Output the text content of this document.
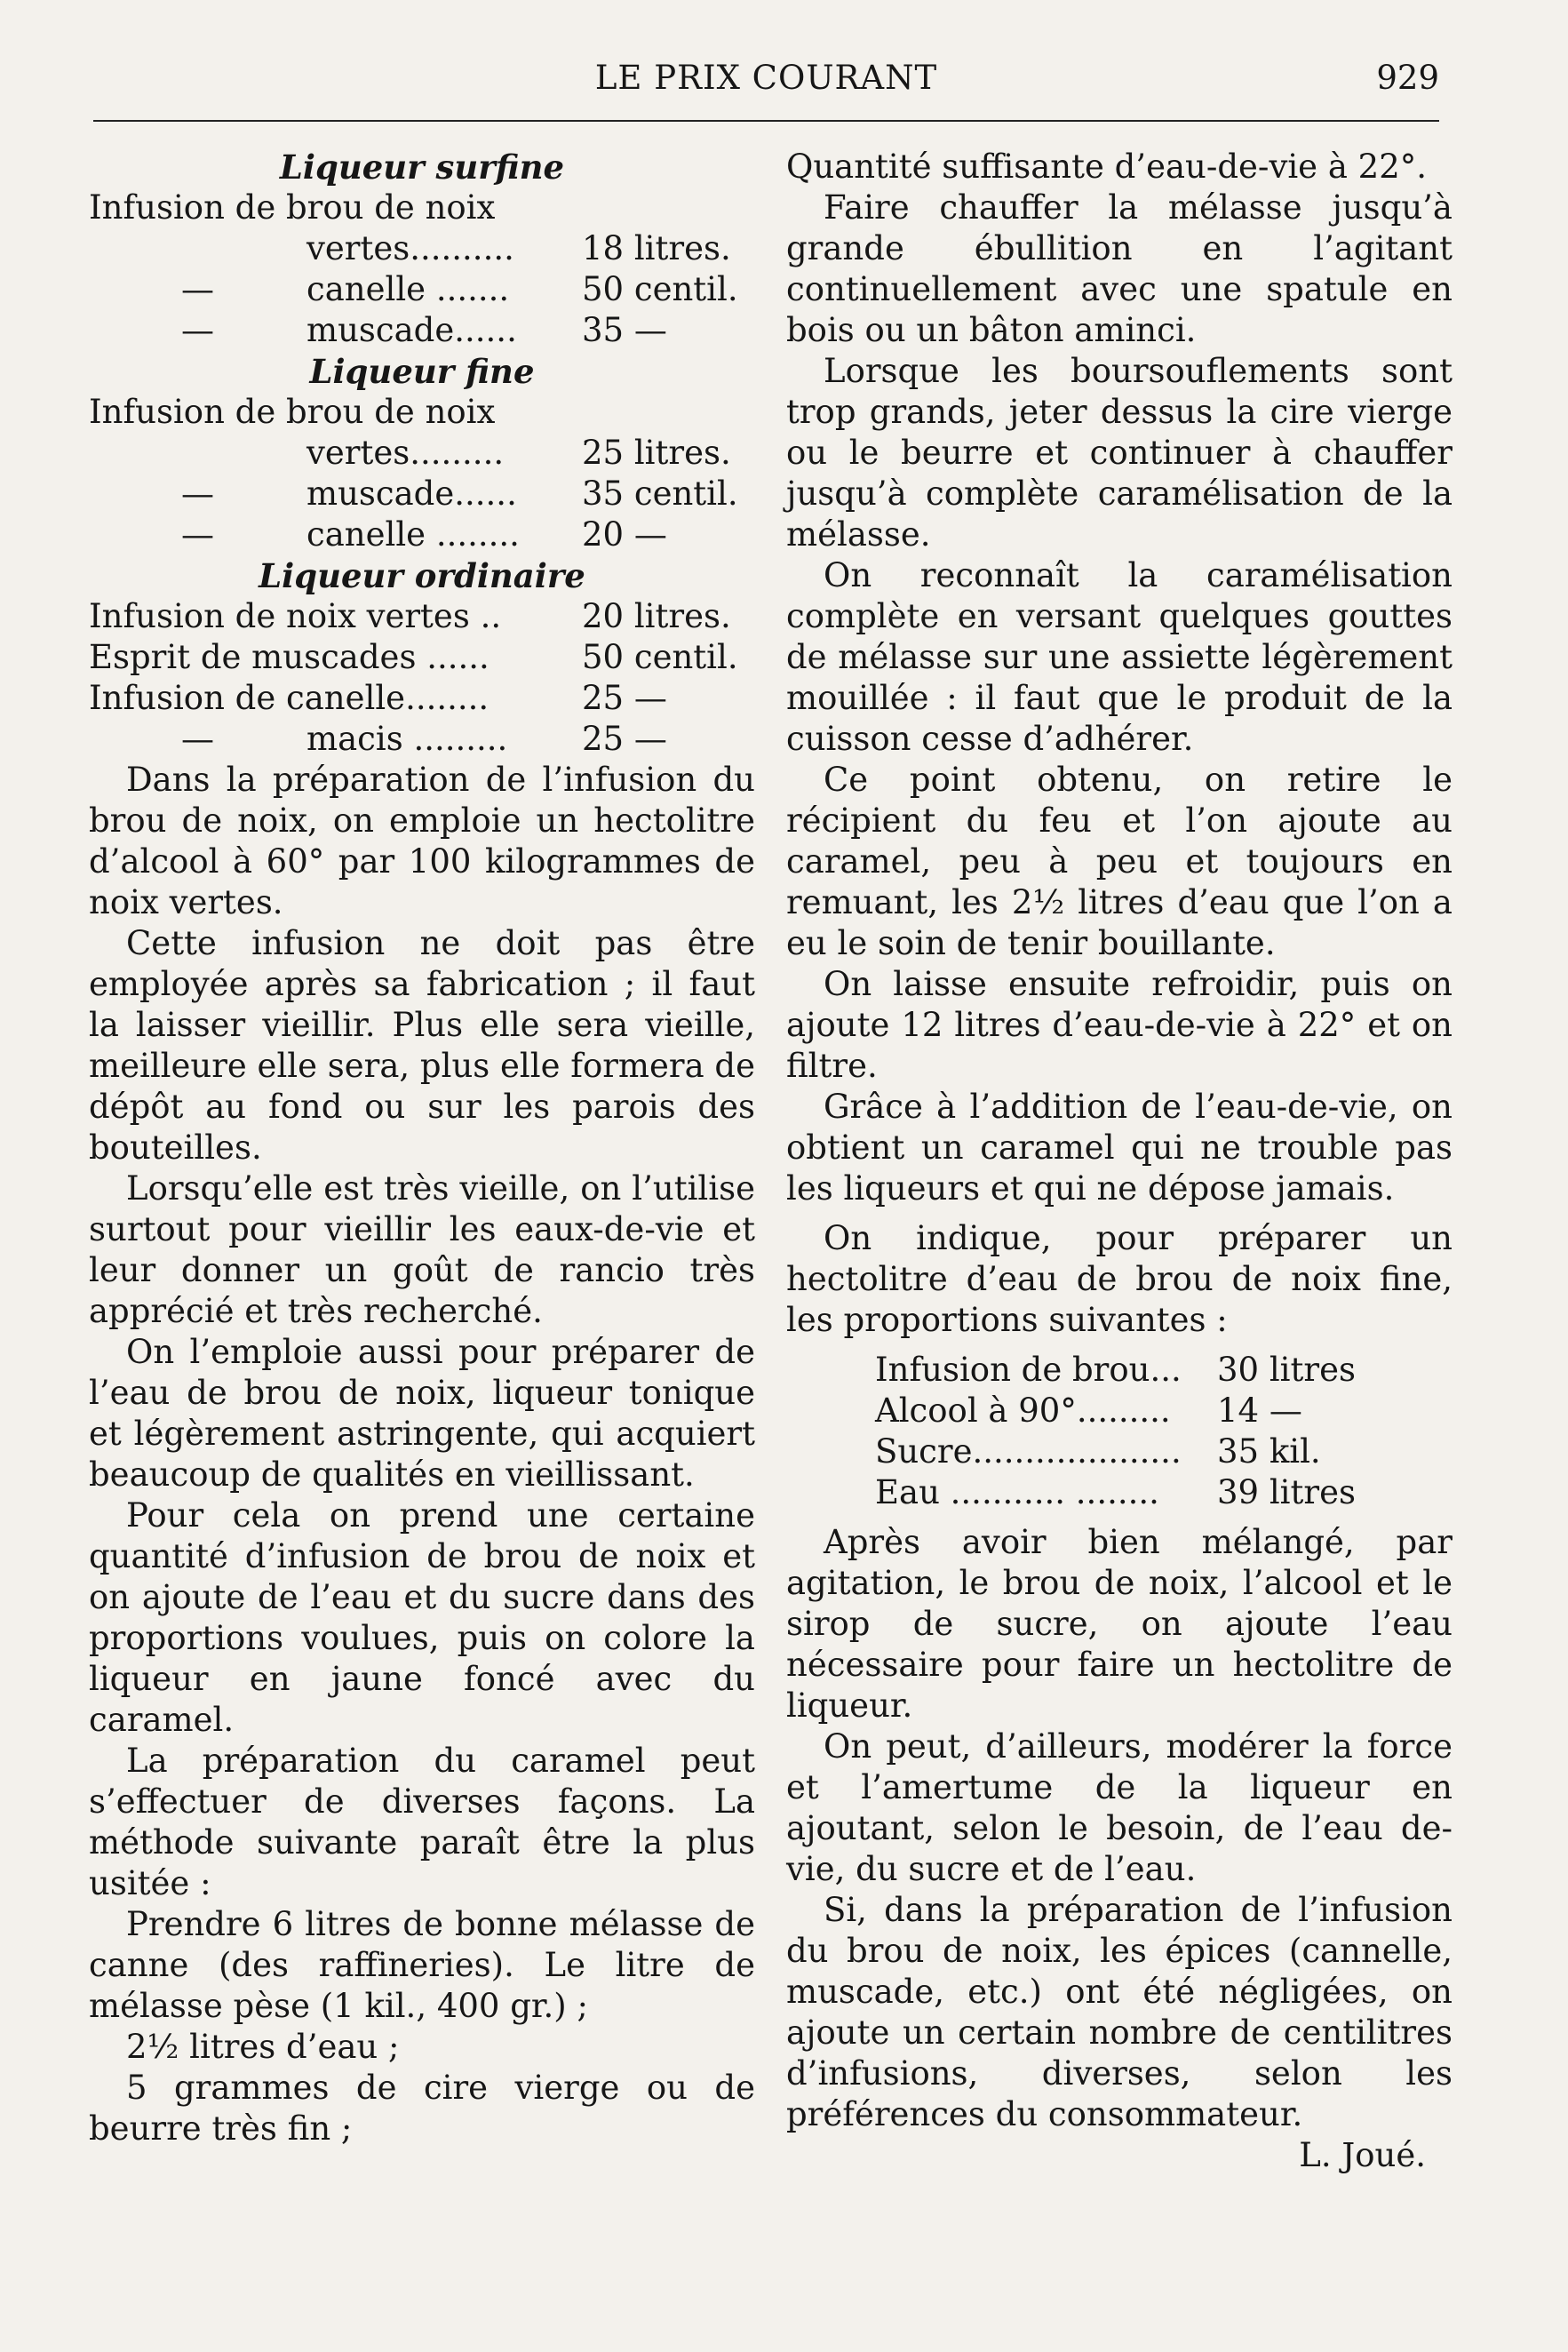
LE PRIX COURANT	929
Liqueur surfine
Infusion de brou de noix
vertes..........	18 litres.
—	canelle .......	50 centil.
—	muscade......	35 —
Liqueur fine
Infusion de brou de noix
vertes.........	25 litres.
—	muscade......	35 centil.
—	canelle ........	20 —
Liqueur ordinaire
Infusion de noix vertes ..	20 litres.
Esprit de muscades ......	50 centil.
Infusion de canelle........	25 —
—	macis .........	25 —

Dans la préparation de l’infusion du brou de noix, on emploie un hectolitre d’alcool à 60° par 100 kilogrammes de noix vertes.

Cette infusion ne doit pas être employée après sa fabrication ; il faut la laisser vieillir. Plus elle sera vieille, meilleure elle sera, plus elle formera de dépôt au fond ou sur les parois des bouteilles.

Lorsqu’elle est très vieille, on l’utilise surtout pour vieillir les eaux-de-vie et leur donner un goût de rancio très apprécié et très recherché.

On l’emploie aussi pour préparer de l’eau de brou de noix, liqueur tonique et légèrement astringente, qui acquiert beaucoup de qualités en vieillissant.

Pour cela on prend une certaine quantité d’infusion de brou de noix et on ajoute de l’eau et du sucre dans des proportions voulues, puis on colore la liqueur en jaune foncé avec du caramel.

La préparation du caramel peut s’effectuer de diverses façons. La méthode suivante paraît être la plus usitée :

Prendre 6 litres de bonne mélasse de canne (des raffineries). Le litre de mélasse pèse (1 kil., 400 gr.) ;

2½ litres d’eau ;

5 grammes de cire vierge ou de beurre très fin ;

Quantité suffisante d’eau-de-vie à 22°.

Faire chauffer la mélasse jusqu’à grande ébullition en l’agitant continuellement avec une spatule en bois ou un bâton aminci.

Lorsque les boursouflements sont trop grands, jeter dessus la cire vierge ou le beurre et continuer à chauffer jusqu’à complète caramélisation de la mélasse.

On reconnaît la caramélisation complète en versant quelques gouttes de mélasse sur une assiette légèrement mouillée : il faut que le produit de la cuisson cesse d’adhérer.

Ce point obtenu, on retire le récipient du feu et l’on ajoute au caramel, peu à peu et toujours en remuant, les 2½ litres d’eau que l’on a eu le soin de tenir bouillante.

On laisse ensuite refroidir, puis on ajoute 12 litres d’eau-de-vie à 22° et on filtre.

Grâce à l’addition de l’eau-de-vie, on obtient un caramel qui ne trouble pas les liqueurs et qui ne dépose jamais.

On indique, pour préparer un hectolitre d’eau de brou de noix fine, les proportions suivantes :

Infusion de brou...	30 litres
Alcool à 90°.........	14 —
Sucre....................	35 kil.
Eau ........... ........	39 litres

Après avoir bien mélangé, par agitation, le brou de noix, l’alcool et le sirop de sucre, on ajoute l’eau nécessaire pour faire un hectolitre de liqueur.

On peut, d’ailleurs, modérer la force et l’amertume de la liqueur en ajoutant, selon le besoin, de l’eau de-vie, du sucre et de l’eau.

Si, dans la préparation de l’infusion du brou de noix, les épices (cannelle, muscade, etc.) ont été négligées, on ajoute un certain nombre de centilitres d’infusions, diverses, selon les préférences du consommateur.

L. Joué.
